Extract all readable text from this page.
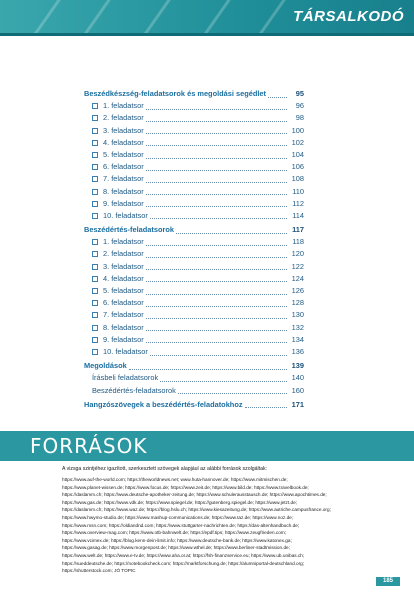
TÁRSALKODÓ
Beszédkészség-feladatsorok és megoldási segédlet	95
1. feladatsor	96
2. feladatsor	98
3. feladatsor	100
4. feladatsor	102
5. feladatsor	104
6. feladatsor	106
7. feladatsor	108
8. feladatsor	110
9. feladatsor	112
10. feladatsor	114
Beszédértés-feladatsorok	117
1. feladatsor	118
2. feladatsor	120
3. feladatsor	122
4. feladatsor	124
5. feladatsor	126
6. feladatsor	128
7. feladatsor	130
8. feladatsor	132
9. feladatsor	134
10. feladatsor	136
Megoldások	139
Írásbeli feladatsorok	140
Beszédértés-feladatsorok	160
Hangzószövegek a beszédértés-feladatokhoz	171
FORRÁSOK
A vizsga szintjéhez igazított, szerkesztett szövegek alapjául az alábbi források szolgáltak:
https://www.auf-the-world.com; https://theworldnews.net; www.huta-hannover.de; https://www.mitmischen.de;
https://www.planet-wissen.de; https://www.focus.de; https://www.zeit.de; https://www.bild.de; https://www.travelbook.de;
https://daslamm.ch; https://www.deutsche-apotheker-zeitung.de; https://www.schulerausstausch.de; https://www.apochtimes.de;
https://www.gas.de; https://www.vdk.de; https://www.spiegel.de; https://gutenberg.spiegel.de; https://www.jetzt.de;
https://daslamm.ch; https://www.waz.de; https://blog.hslu.ch; https://www.kiesazeitung.de; https://www.autriche.campusfrance.org;
https://www.hwymo-studio.de; https://www.mashup-communications.de; https://www.taz.de; https://www.noz.de;
https://www.msn.com; https://oldiandnd.com; https://www.stuttgarter-nachrichten.de; https://das-altenhandbuch.de;
https://www.overview-mag.com; https://www.otb-bahnwelt.de; https://epdf.tips; https://www.zeugfrieden.com;
https://www.vcimex.de; https://blog.kenn-dein-limit.info; https://www.deutsche-bank.de; https://www.katonex.ga;
https://www.gasag.de; https://www.morgenpost.de; https://www.wthel.de; https://www.berliner-stadtmission.de;
https://www.welt.de; https://www.e-tv.de; https://www.aha.or.at; https://fsh-finanzservice.eu; https://www.ub.unibas.ch;
https://sueddeutsche.de; https://notebookcheck.com; https://marktforschung.de; https://alumniportal-deutschland.org;
https://shutterstock.com; JÓ TOPIC
185
